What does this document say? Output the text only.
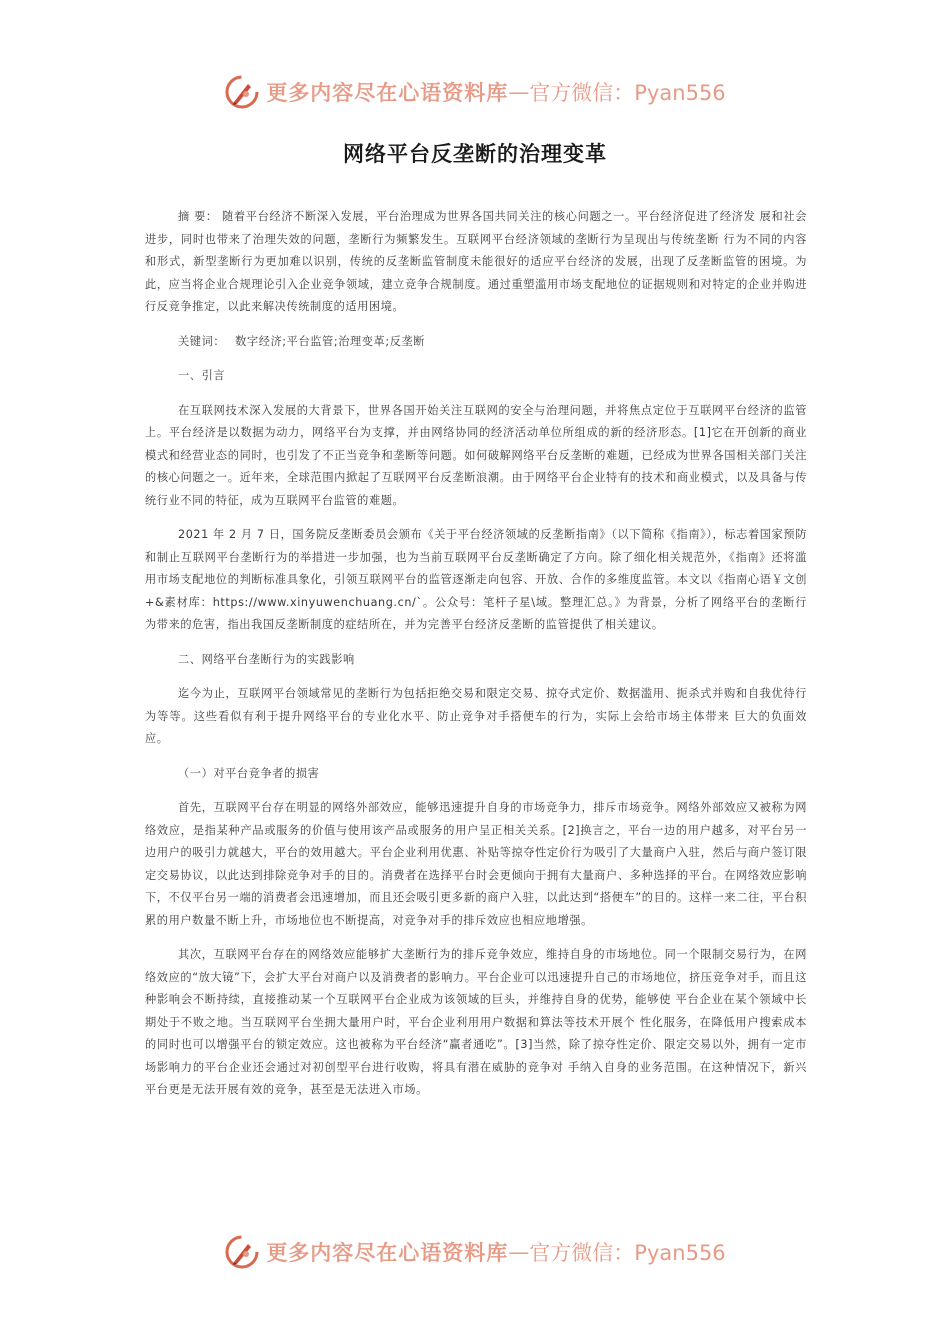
更多内容尽在心语资料库 — 官方微信：Pyan556
网络平台反垄断的治理变革

摘 要： 随着平台经济不断深入发展，平台治理成为世界各国共同关注的核心问题之一。平台经济促进了经济发 展和社会进步，同时也带来了治理失效的问题，垄断行为频繁发生。互联网平台经济领域的垄断行为呈现出与传统垄断 行为不同的内容和形式，新型垄断行为更加难以识别，传统的反垄断监管制度未能很好的适应平台经济的发展，出现了反垄断监管的困境。为此，应当将企业合规理论引入企业竞争领域，建立竞争合规制度。通过重塑滥用市场支配地位的证据规则和对特定的企业并购进行反竞争推定，以此来解决传统制度的适用困境。

关键词： 数字经济;平台监管;治理变革;反垄断

一、引言

在互联网技术深入发展的大背景下，世界各国开始关注互联网的安全与治理问题，并将焦点定位于互联网平台经济的监管上。平台经济是以数据为动力，网络平台为支撑，并由网络协同的经济活动单位所组成的新的经济形态。[1]它在开创新的商业模式和经营业态的同时，也引发了不正当竞争和垄断等问题。如何破解网络平台反垄断的难题，已经成为世界各国相关部门关注的核心问题之一。近年来，全球范围内掀起了互联网平台反垄断浪潮。由于网络平台企业特有的技术和商业模式，以及具备与传统行业不同的特征，成为互联网平台监管的难题。

2021 年 2 月 7 日，国务院反垄断委员会颁布《关于平台经济领域的反垄断指南》（以下简称《指南》），标志着国家预防和制止互联网平台垄断行为的举措进一步加强，也为当前互联网平台反垄断确定了方向。除了细化相关规范外，《指南》还将滥用市场支配地位的判断标准具象化，引领互联网平台的监管逐渐走向包容、开放、合作的多维度监管。本文以《指南心语￥文创+&素材库：https://www.xinyuwenchuang.cn/`。公众号：笔杆子星\域。整理汇总。》为背景，分析了网络平台的垄断行为带来的危害，指出我国反垄断制度的症结所在，并为完善平台经济反垄断的监管提供了相关建议。

二、网络平台垄断行为的实践影响

迄今为止，互联网平台领域常见的垄断行为包括拒绝交易和限定交易、掠夺式定价、数据滥用、扼杀式并购和自我优待行为等等。这些看似有利于提升网络平台的专业化水平、防止竞争对手搭便车的行为，实际上会给市场主体带来 巨大的负面效应。

（一）对平台竞争者的损害

首先，互联网平台存在明显的网络外部效应，能够迅速提升自身的市场竞争力，排斥市场竞争。网络外部效应又被称为网络效应，是指某种产品或服务的价值与使用该产品或服务的用户呈正相关关系。[2]换言之，平台一边的用户越多，对平台另一边用户的吸引力就越大，平台的效用越大。平台企业利用优惠、补贴等掠夺性定价行为吸引了大量商户入驻，然后与商户签订限定交易协议，以此达到排除竞争对手的目的。消费者在选择平台时会更倾向于拥有大量商户、多种选择的平台。在网络效应影响下，不仅平台另一端的消费者会迅速增加，而且还会吸引更多新的商户入驻，以此达到“搭便车”的目的。这样一来二往，平台积累的用户数量不断上升，市场地位也不断提高，对竞争对手的排斥效应也相应地增强。

其次，互联网平台存在的网络效应能够扩大垄断行为的排斥竞争效应，维持自身的市场地位。同一个限制交易行为，在网络效应的“放大镜”下，会扩大平台对商户以及消费者的影响力。平台企业可以迅速提升自己的市场地位，挤压竞争对手，而且这种影响会不断持续，直接推动某一个互联网平台企业成为该领域的巨头，并维持自身的优势，能够使 平台企业在某个领域中长期处于不败之地。当互联网平台坐拥大量用户时，平台企业利用用户数据和算法等技术开展个 性化服务，在降低用户搜索成本的同时也可以增强平台的锁定效应。这也被称为平台经济“赢者通吃”。[3]当然，除了掠夺性定价、限定交易以外，拥有一定市场影响力的平台企业还会通过对初创型平台进行收购，将具有潜在威胁的竞争对 手纳入自身的业务范围。在这种情况下，新兴平台更是无法开展有效的竞争，甚至是无法进入市场。

更多内容尽在心语资料库 — 官方微信：Pyan556
